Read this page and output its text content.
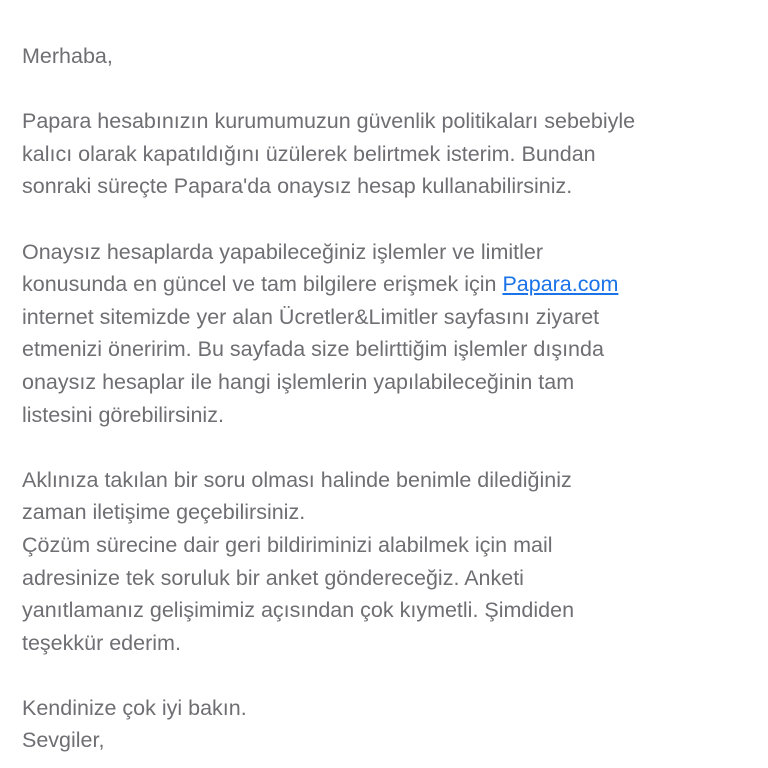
Merhaba,

Papara hesabınızın kurumumuzun güvenlik politikaları sebebiyle
kalıcı olarak kapatıldığını üzülerek belirtmek isterim. Bundan
sonraki süreçte Papara'da onaysız hesap kullanabilirsiniz.

Onaysız hesaplarda yapabileceğiniz işlemler ve limitler
konusunda en güncel ve tam bilgilere erişmek için Papara.com
internet sitemizde yer alan Ücretler&Limitler sayfasını ziyaret
etmenizi öneririm. Bu sayfada size belirttiğim işlemler dışında
onaysız hesaplar ile hangi işlemlerin yapılabileceğinin tam
listesini görebilirsiniz.

Aklınıza takılan bir soru olması halinde benimle dilediğiniz
zaman iletişime geçebilirsiniz.
Çözüm sürecine dair geri bildiriminizi alabilmek için mail
adresinize tek soruluk bir anket göndereceğiz. Anketi
yanıtlamanız gelişimimiz açısından çok kıymetli. Şimdiden
teşekkür ederim.

Kendinize çok iyi bakın.
Sevgiler,
